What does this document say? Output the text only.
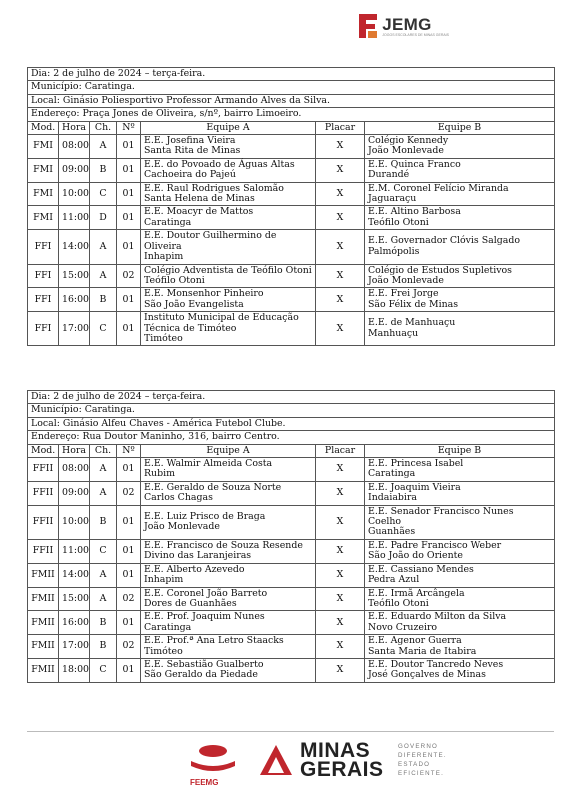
JEMG
JOGOS ESCOLARES DE MINAS GERAIS
Dia: 2 de julho de 2024 – terça-feira.						
Município: Caratinga.						
Local: Ginásio Poliesportivo Professor Armando Alves da Silva.						
Endereço: Praça Jones de Oliveira, s/nº, bairro Limoeiro.						
Mod.	Hora	Ch.	Nº	Equipe A	Placar	Equipe B
FMI	08:00	A	01	E.E. Josefina Vieira
Santa Rita de Minas	X	Colégio Kennedy
João Monlevade
FMI	09:00	B	01	E.E. do Povoado de Águas Altas
Cachoeira do Pajeú	X	E.E. Quinca Franco
Durandé
FMI	10:00	C	01	E.E. Raul Rodrigues Salomão
Santa Helena de Minas	X	E.M. Coronel Felício Miranda
Jaguaraçu
FMI	11:00	D	01	E.E. Moacyr de Mattos
Caratinga	X	E.E. Altino Barbosa
Teófilo Otoni
FFI	14:00	A	01	E.E. Doutor Guilhermino de Oliveira
Inhapim	X	E.E. Governador Clóvis Salgado
Palmópolis
FFI	15:00	A	02	Colégio Adventista de Teófilo Otoni
Teófilo Otoni	X	Colégio de Estudos Supletivos
João Monlevade
FFI	16:00	B	01	E.E. Monsenhor Pinheiro
São João Evangelista	X	E.E. Frei Jorge
São Félix de Minas
FFI	17:00	C	01	Instituto Municipal de Educação
Técnica de Timóteo
Timóteo	X	E.E. de Manhuaçu
Manhuaçu
Dia: 2 de julho de 2024 – terça-feira.						
Município: Caratinga.						
Local: Ginásio Alfeu Chaves - América Futebol Clube.						
Endereço: Rua Doutor Maninho, 316, bairro Centro.						
Mod.	Hora	Ch.	Nº	Equipe A	Placar	Equipe B
FFII	08:00	A	01	E.E. Walmir Almeida Costa
Rubim	X	E.E. Princesa Isabel
Caratinga
FFII	09:00	A	02	E.E. Geraldo de Souza Norte
Carlos Chagas	X	E.E. Joaquim Vieira
Indaiabira
FFII	10:00	B	01	E.E. Luiz Prisco de Braga
João Monlevade	X	E.E. Senador Francisco Nunes
Coelho
Guanhães
FFII	11:00	C	01	E.E. Francisco de Souza Resende
Divino das Laranjeiras	X	E.E. Padre Francisco Weber
São João do Oriente
FMII	14:00	A	01	E.E. Alberto Azevedo
Inhapim	X	E.E. Cassiano Mendes
Pedra Azul
FMII	15:00	A	02	E.E. Coronel João Barreto
Dores de Guanhães	X	E.E. Irmã Arcângela
Teófilo Otoni
FMII	16:00	B	01	E.E. Prof. Joaquim Nunes
Caratinga	X	E.E. Eduardo Milton da Silva
Novo Cruzeiro
FMII	17:00	B	02	E.E. Prof.ª Ana Letro Staacks
Timóteo	X	E.E. Agenor Guerra
Santa Maria de Itabira
FMII	18:00	C	01	E.E. Sebastião Gualberto
São Geraldo da Piedade	X	E.E. Doutor Tancredo Neves
José Gonçalves de Minas
FEEMG
MINAS
GERAIS
GOVERNO
DIFERENTE.
ESTADO
EFICIENTE.
